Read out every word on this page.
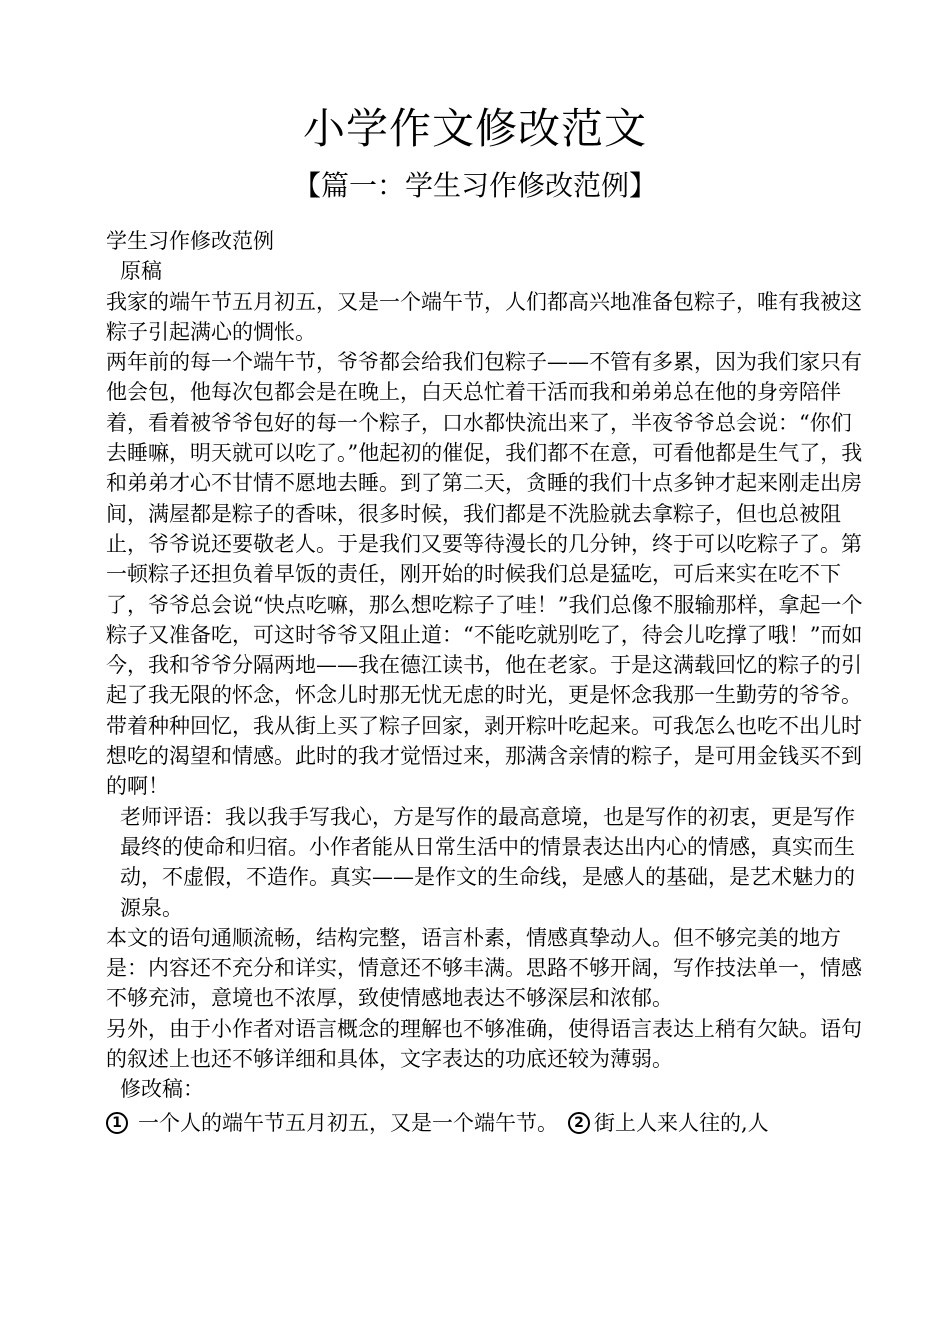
小学作文修改范文
【篇一：学生习作修改范例】

学生习作修改范例

原稿

我家的端午节五月初五，又是一个端午节，人们都高兴地准备包粽子，唯有我被这粽子引起满心的惆怅。

两年前的每一个端午节，爷爷都会给我们包粽子——不管有多累，因为我们家只有他会包，他每次包都会是在晚上，白天总忙着干活而我和弟弟总在他的身旁陪伴着，看着被爷爷包好的每一个粽子，口水都快流出来了，半夜爷爷总会说：“你们去睡嘛，明天就可以吃了。”他起初的催促，我们都不在意，可看他都是生气了，我和弟弟才心不甘情不愿地去睡。到了第二天，贪睡的我们十点多钟才起来刚走出房间，满屋都是粽子的香味，很多时候，我们都是不洗脸就去拿粽子，但也总被阻止，爷爷说还要敬老人。于是我们又要等待漫长的几分钟，终于可以吃粽子了。第一顿粽子还担负着早饭的责任，刚开始的时候我们总是猛吃，可后来实在吃不下了，爷爷总会说“快点吃嘛，那么想吃粽子了哇！”我们总像不服输那样，拿起一个粽子又准备吃，可这时爷爷又阻止道：“不能吃就别吃了，待会儿吃撑了哦！”而如今，我和爷爷分隔两地——我在德江读书，他在老家。于是这满载回忆的粽子的引起了我无限的怀念，怀念儿时那无忧无虑的时光，更是怀念我那一生勤劳的爷爷。带着种种回忆，我从街上买了粽子回家，剥开粽叶吃起来。可我怎么也吃不出儿时想吃的渴望和情感。此时的我才觉悟过来，那满含亲情的粽子，是可用金钱买不到的啊！

老师评语：我以我手写我心，方是写作的最高意境，也是写作的初衷，更是写作最终的使命和归宿。小作者能从日常生活中的情景表达出内心的情感，真实而生动，不虚假，不造作。真实——是作文的生命线，是感人的基础，是艺术魅力的源泉。

本文的语句通顺流畅，结构完整，语言朴素，情感真挚动人。但不够完美的地方是：内容还不充分和详实，情意还不够丰满。思路不够开阔，写作技法单一，情感不够充沛，意境也不浓厚，致使情感地表达不够深层和浓郁。

另外，由于小作者对语言概念的理解也不够准确，使得语言表达上稍有欠缺。语句的叙述上也还不够详细和具体，文字表达的功底还较为薄弱。

修改稿：

1 一个人的端午节五月初五，又是一个端午节。	2 街上人来人往的,人
